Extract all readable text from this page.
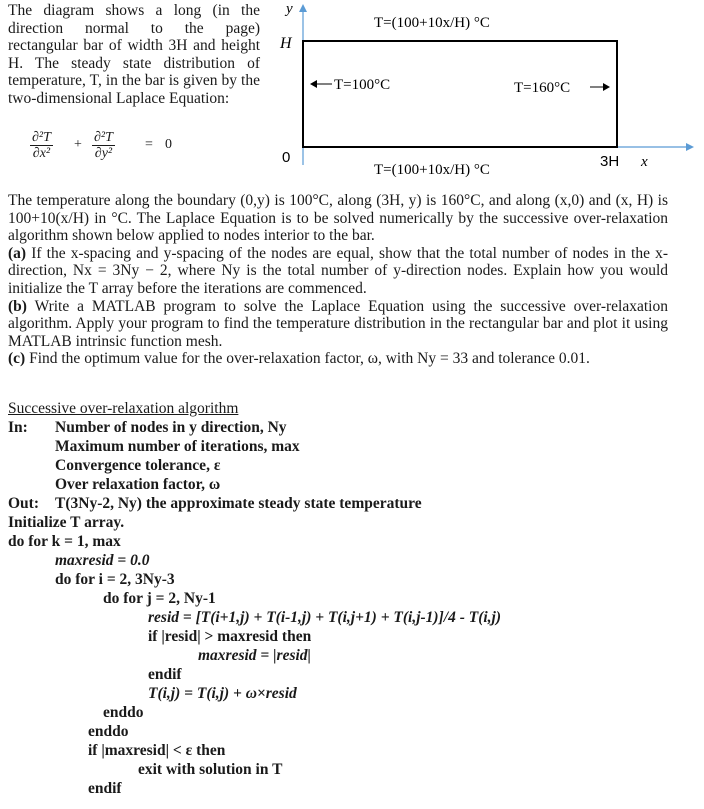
The diagram shows a long (in the direction normal to the page) rectangular bar of width 3H and height H. The steady state distribution of temperature, T, in the bar is given by the two-dimensional Laplace Equation:
$\frac{\text{∂²T}}{\text{∂x²}} + \frac{\text{∂²T}}{\text{∂y²}} = 0$
y
H
0	3H x
T=(100+10x/H) °C
T=(100+10x/H) °C
T=100°C	T=160°C

The temperature along the boundary (0,y) is 100°C, along (3H, y) is 160°C, and along (x,0) and (x, H) is 100+10(x/H) in °C. The Laplace Equation is to be solved numerically by the successive over-relaxation algorithm shown below applied to nodes interior to the bar.

(a) If the x-spacing and y-spacing of the nodes are equal, show that the total number of nodes in the x-direction, Nx = 3Ny − 2, where Ny is the total number of y-direction nodes. Explain how you would initialize the T array before the iterations are commenced.

(b) Write a MATLAB program to solve the Laplace Equation using the successive over-relaxation algorithm. Apply your program to find the temperature distribution in the rectangular bar and plot it using MATLAB intrinsic function mesh.

(c) Find the optimum value for the over-relaxation factor, ω, with Ny = 33 and tolerance 0.01.

Successive over-relaxation algorithm
In: Number of nodes in y direction, Ny
Maximum number of iterations, max
Convergence tolerance, ε
Over relaxation factor, ω
Out: T(3Ny-2, Ny) the approximate steady state temperature
Initialize T array.
do for k = 1, max
maxresid = 0.0
do for i = 2, 3Ny-3
do for j = 2, Ny-1
resid = [T(i+1,j) + T(i-1,j) + T(i,j+1) + T(i,j-1)]/4 - T(i,j)
if |resid| > maxresid then
maxresid = |resid|
endif
T(i,j) = T(i,j) + ω×resid
enddo
enddo
if |maxresid| < ε then
exit with solution in T
endif
